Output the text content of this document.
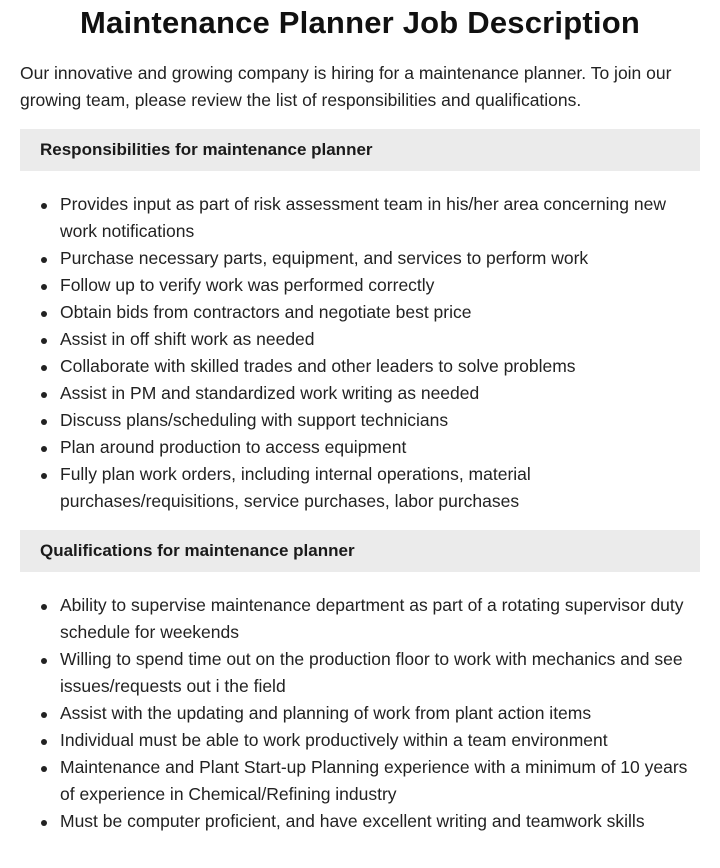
Maintenance Planner Job Description

Our innovative and growing company is hiring for a maintenance planner. To join our growing team, please review the list of responsibilities and qualifications.

Responsibilities for maintenance planner
Provides input as part of risk assessment team in his/her area concerning new work notifications
Purchase necessary parts, equipment, and services to perform work
Follow up to verify work was performed correctly
Obtain bids from contractors and negotiate best price
Assist in off shift work as needed
Collaborate with skilled trades and other leaders to solve problems
Assist in PM and standardized work writing as needed
Discuss plans/scheduling with support technicians
Plan around production to access equipment
Fully plan work orders, including internal operations, material purchases/requisitions, service purchases, labor purchases
Qualifications for maintenance planner
Ability to supervise maintenance department as part of a rotating supervisor duty schedule for weekends
Willing to spend time out on the production floor to work with mechanics and see issues/requests out i the field
Assist with the updating and planning of work from plant action items
Individual must be able to work productively within a team environment
Maintenance and Plant Start-up Planning experience with a minimum of 10 years of experience in Chemical/Refining industry
Must be computer proficient, and have excellent writing and teamwork skills
